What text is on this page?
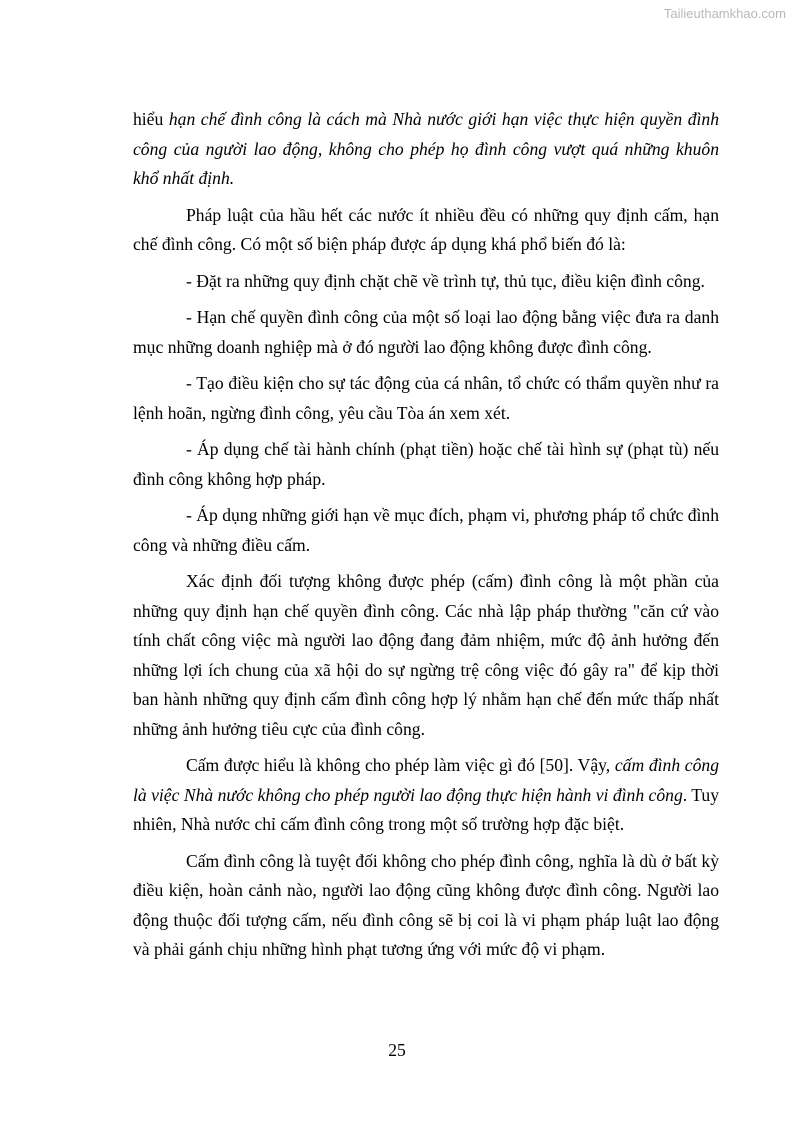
Tailieuthamkhao.com

hiểu hạn chế đình công là cách mà Nhà nước giới hạn việc thực hiện quyền đình công của người lao động, không cho phép họ đình công vượt quá những khuôn khổ nhất định.

Pháp luật của hầu hết các nước ít nhiều đều có những quy định cấm, hạn chế đình công. Có một số biện pháp được áp dụng khá phổ biến đó là:

- Đặt ra những quy định chặt chẽ về trình tự, thủ tục, điều kiện đình công.

- Hạn chế quyền đình công của một số loại lao động bằng việc đưa ra danh mục những doanh nghiệp mà ở đó người lao động không được đình công.

- Tạo điều kiện cho sự tác động của cá nhân, tổ chức có thẩm quyền như ra lệnh hoãn, ngừng đình công, yêu cầu Tòa án xem xét.

- Áp dụng chế tài hành chính (phạt tiền) hoặc chế tài hình sự (phạt tù) nếu đình công không hợp pháp.

- Áp dụng những giới hạn về mục đích, phạm vi, phương pháp tổ chức đình công và những điều cấm.

Xác định đối tượng không được phép (cấm) đình công là một phần của những quy định hạn chế quyền đình công. Các nhà lập pháp thường "căn cứ vào tính chất công việc mà người lao động đang đảm nhiệm, mức độ ảnh hưởng đến những lợi ích chung của xã hội do sự ngừng trệ công việc đó gây ra" để kịp thời ban hành những quy định cấm đình công hợp lý nhằm hạn chế đến mức thấp nhất những ảnh hưởng tiêu cực của đình công.

Cấm được hiểu là không cho phép làm việc gì đó [50]. Vậy, cấm đình công là việc Nhà nước không cho phép người lao động thực hiện hành vi đình công. Tuy nhiên, Nhà nước chỉ cấm đình công trong một số trường hợp đặc biệt.

Cấm đình công là tuyệt đối không cho phép đình công, nghĩa là dù ở bất kỳ điều kiện, hoàn cảnh nào, người lao động cũng không được đình công. Người lao động thuộc đối tượng cấm, nếu đình công sẽ bị coi là vi phạm pháp luật lao động và phải gánh chịu những hình phạt tương ứng với mức độ vi phạm.

25
